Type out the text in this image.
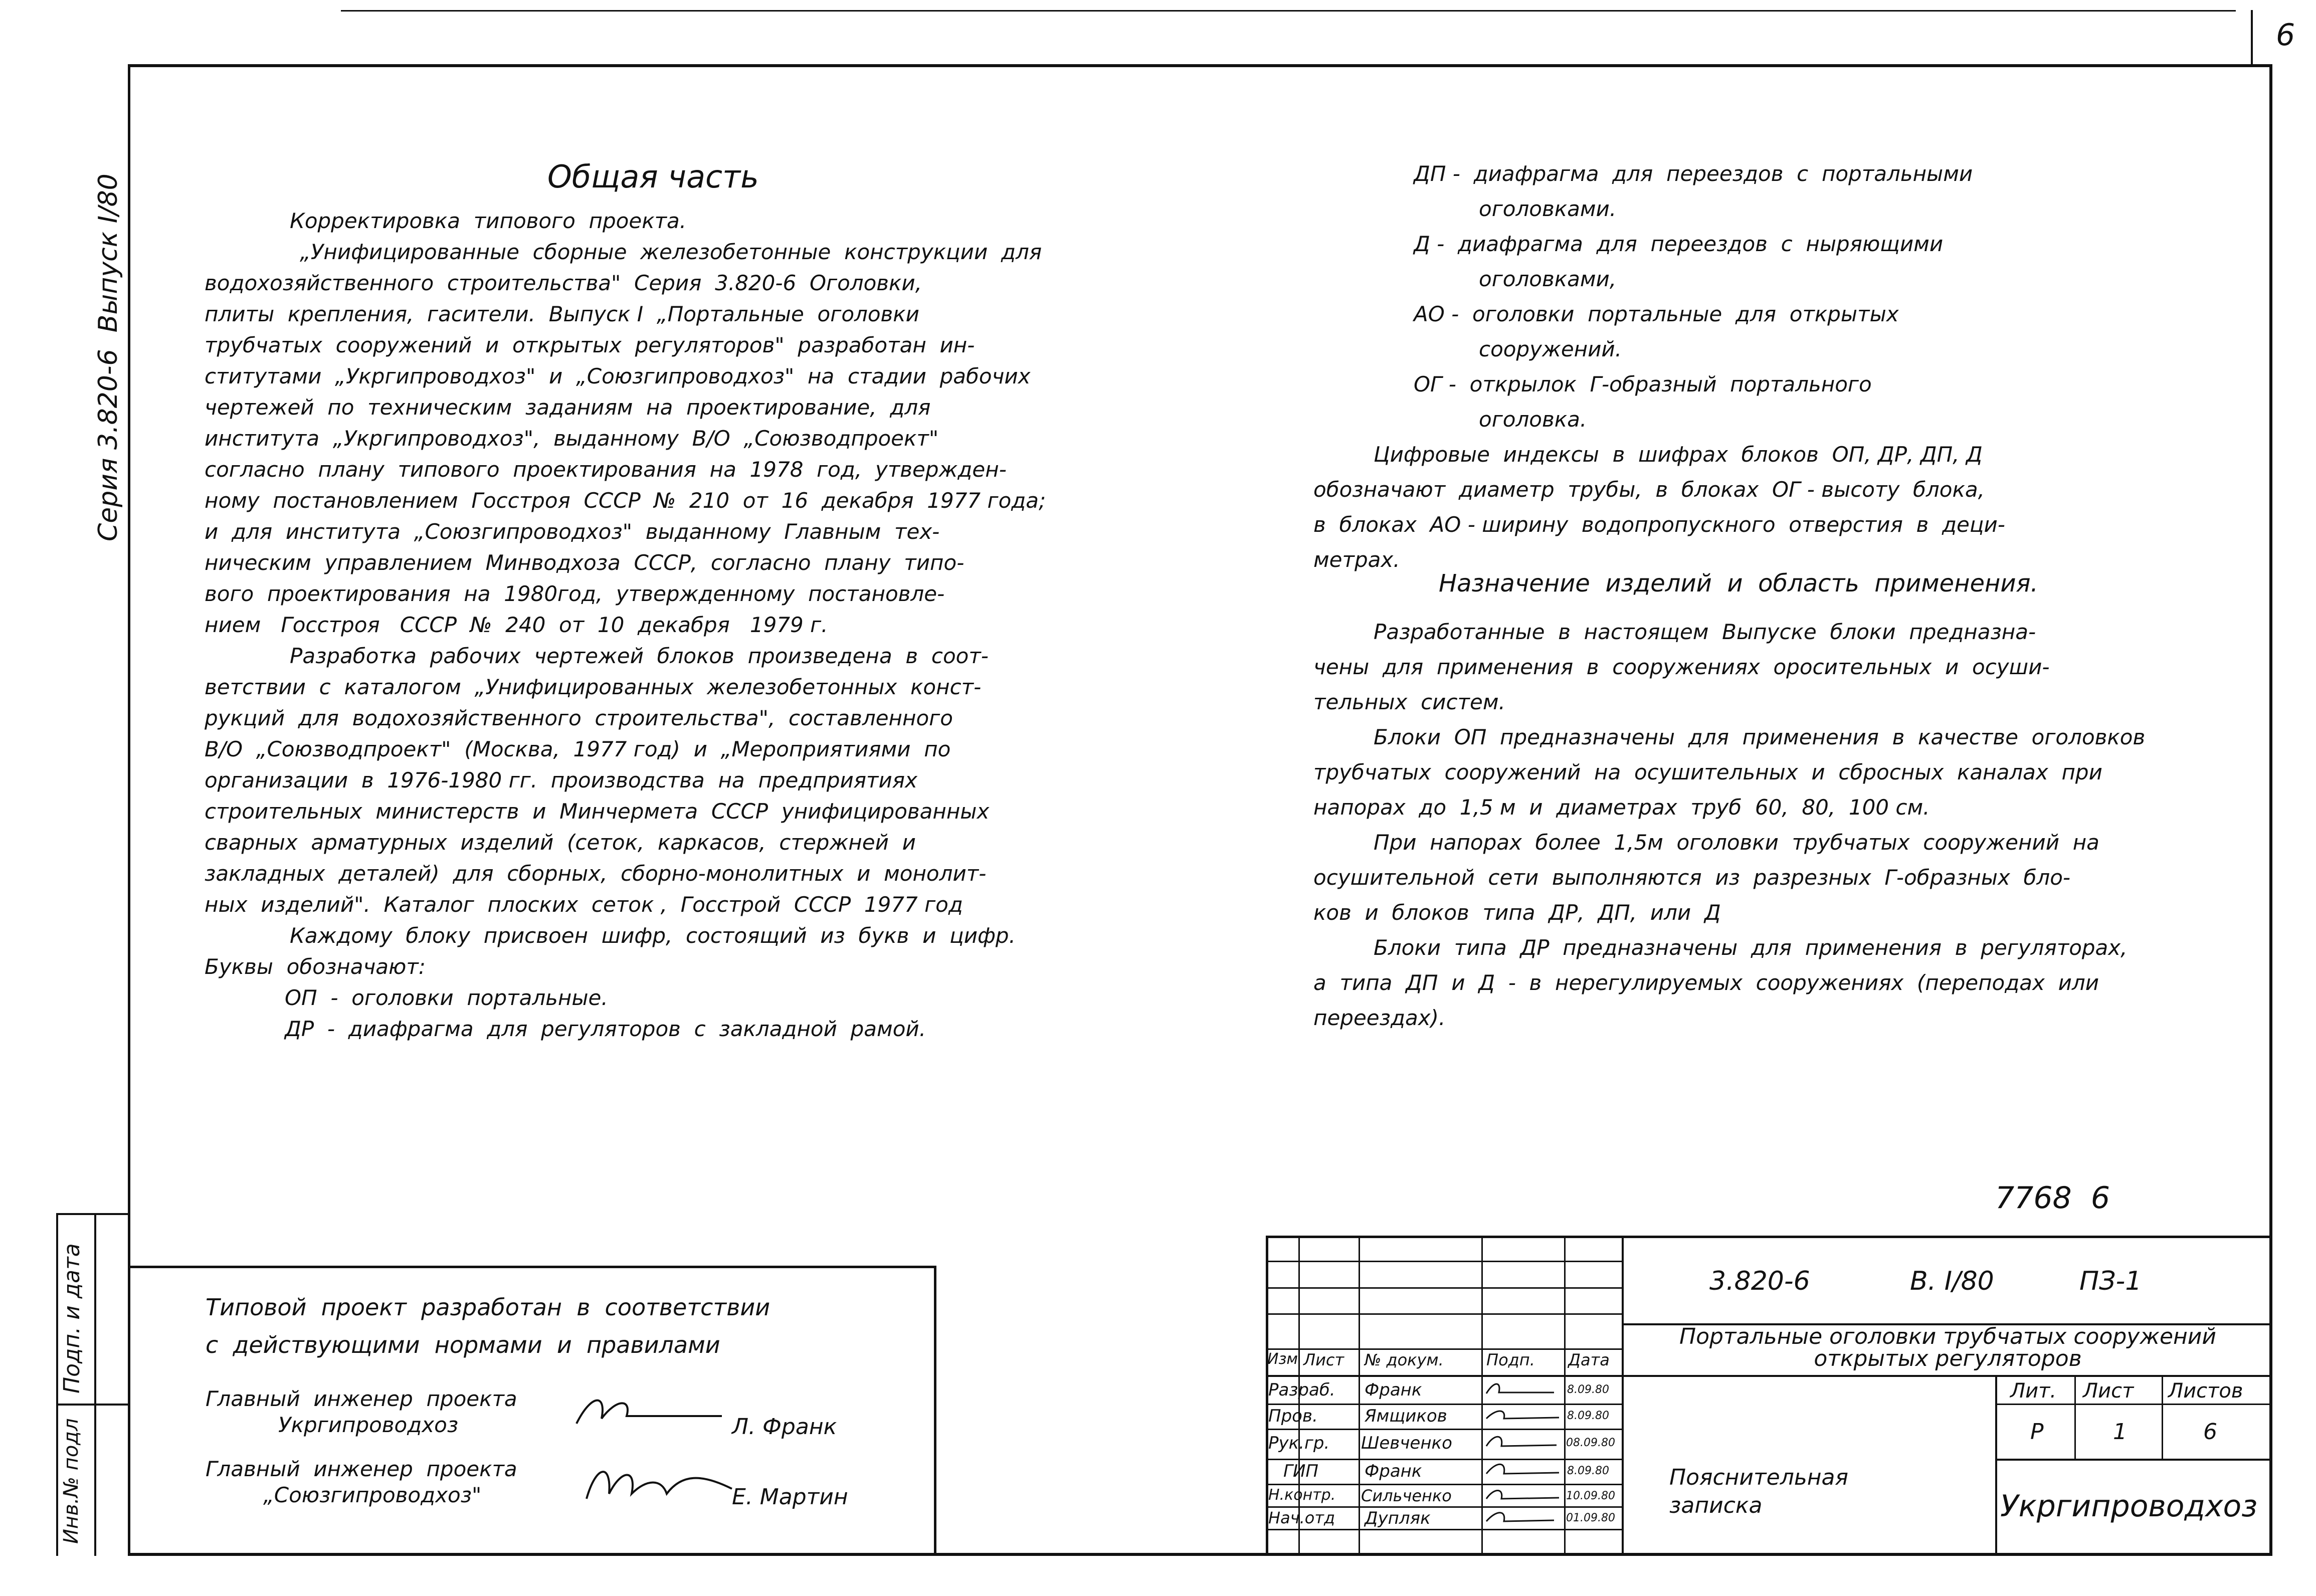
6
Серия 3.820-6  Выпуск I/80
Инв.№ подл
Подп. и дата
Общая часть

Корректировка  типового  проекта.

„Унифицированные  сборные  железобетонные  конструкции  для

водохозяйственного  строительства"  Серия  3.820-6  Оголовки,

плиты  крепления,  гасители.  Выпуск I  „Портальные  оголовки

трубчатых  сооружений  и  открытых  регуляторов"  разработан  ин-

ститутами  „Укргипроводхоз"  и  „Союзгипроводхоз"  на  стадии  рабочих

чертежей  по  техническим  заданиям  на  проектирование,  для

института  „Укргипроводхоз",  выданному  В/О  „Союзводпроект"

согласно  плану  типового  проектирования  на  1978  год,  утвержден-

ному  постановлением  Госстроя  СССР  №  210  от  16  декабря  1977 года;

и  для  института  „Союзгипроводхоз"  выданному  Главным  тех-

ническим  управлением  Минводхоза  СССР,  согласно  плану  типо-

вого  проектирования  на  1980год,  утвержденному  постановле-

нием   Госстроя   СССР  №  240  от  10  декабря   1979 г.

Разработка  рабочих  чертежей  блоков  произведена  в  соот-

ветствии  с  каталогом  „Унифицированных  железобетонных  конст-

рукций  для  водохозяйственного  строительства",  составленного

В/О  „Союзводпроект"  (Москва,  1977 год)  и  „Мероприятиями  по

организации  в  1976-1980 гг.  производства  на  предприятиях

строительных  министерств  и  Минчермета  СССР  унифицированных

сварных  арматурных  изделий  (сеток,  каркасов,  стержней  и

закладных  деталей)  для  сборных,  сборно-монолитных  и  монолит-

ных  изделий".  Каталог  плоских  сеток ,  Госстрой  СССР  1977 год

Каждому  блоку  присвоен  шифр,  состоящий  из  букв  и  цифр.

Буквы  обозначают:

ОП  -  оголовки  портальные.

ДР  -  диафрагма  для  регуляторов  с  закладной  рамой.

ДП -  диафрагма  для  переездов  с  портальными

оголовками.

Д -  диафрагма  для  переездов  с  ныряющими

оголовками,

АО -  оголовки  портальные  для  открытых

сооружений.

ОГ -  открылок  Г-образный  портального

оголовка.

Цифровые  индексы  в  шифрах  блоков  ОП, ДР, ДП, Д

обозначают  диаметр  трубы,  в  блоках  ОГ - высоту  блока,

в  блоках  АО - ширину  водопропускного  отверстия  в  деци-

метрах.

Назначение  изделий  и  область  применения.

Разработанные  в  настоящем  Выпуске  блоки  предназна-

чены  для  применения  в  сооружениях  оросительных  и  осуши-

тельных  систем.

Блоки  ОП  предназначены  для  применения  в  качестве  оголовков

трубчатых  сооружений  на  осушительных  и  сбросных  каналах  при

напорах  до  1,5 м  и  диаметрах  труб  60,  80,  100 см.

При  напорах  более  1,5м  оголовки  трубчатых  сооружений  на

осушительной  сети  выполняются  из  разрезных  Г-образных  бло-

ков  и  блоков  типа  ДР,  ДП,  или  Д

Блоки  типа  ДР  предназначены  для  применения  в  регуляторах,

а  типа  ДП  и  Д  -  в  нерегулируемых  сооружениях  (переподах  или

переездах).

7768  6
Типовой  проект  разработан  в  соответствии
с  действующими  нормами  и  правилами
Главный  инженер  проекта
Укргипроводхоз	Л. Франк
Главный  инженер  проекта
„Союзгипроводхоз"	Е. Мартин
Изм Лист № докум.	Подп. Дата
Разраб. Франк	8.09.80
Пров.	Ямщиков	8.09.80
Рук.гр. Шевченко	08.09.80
ГИП	Франк	8.09.80
Н.контр. Сильченко	10.09.80
Нач.отд Дупляк	01.09.80
3.820-6	В. I/80	ПЗ-1
Портальные оголовки трубчатых сооружений открытых регуляторов
Лит. Лист Листов
Р	1	6
Пояснительная записка	Укргипроводхоз
